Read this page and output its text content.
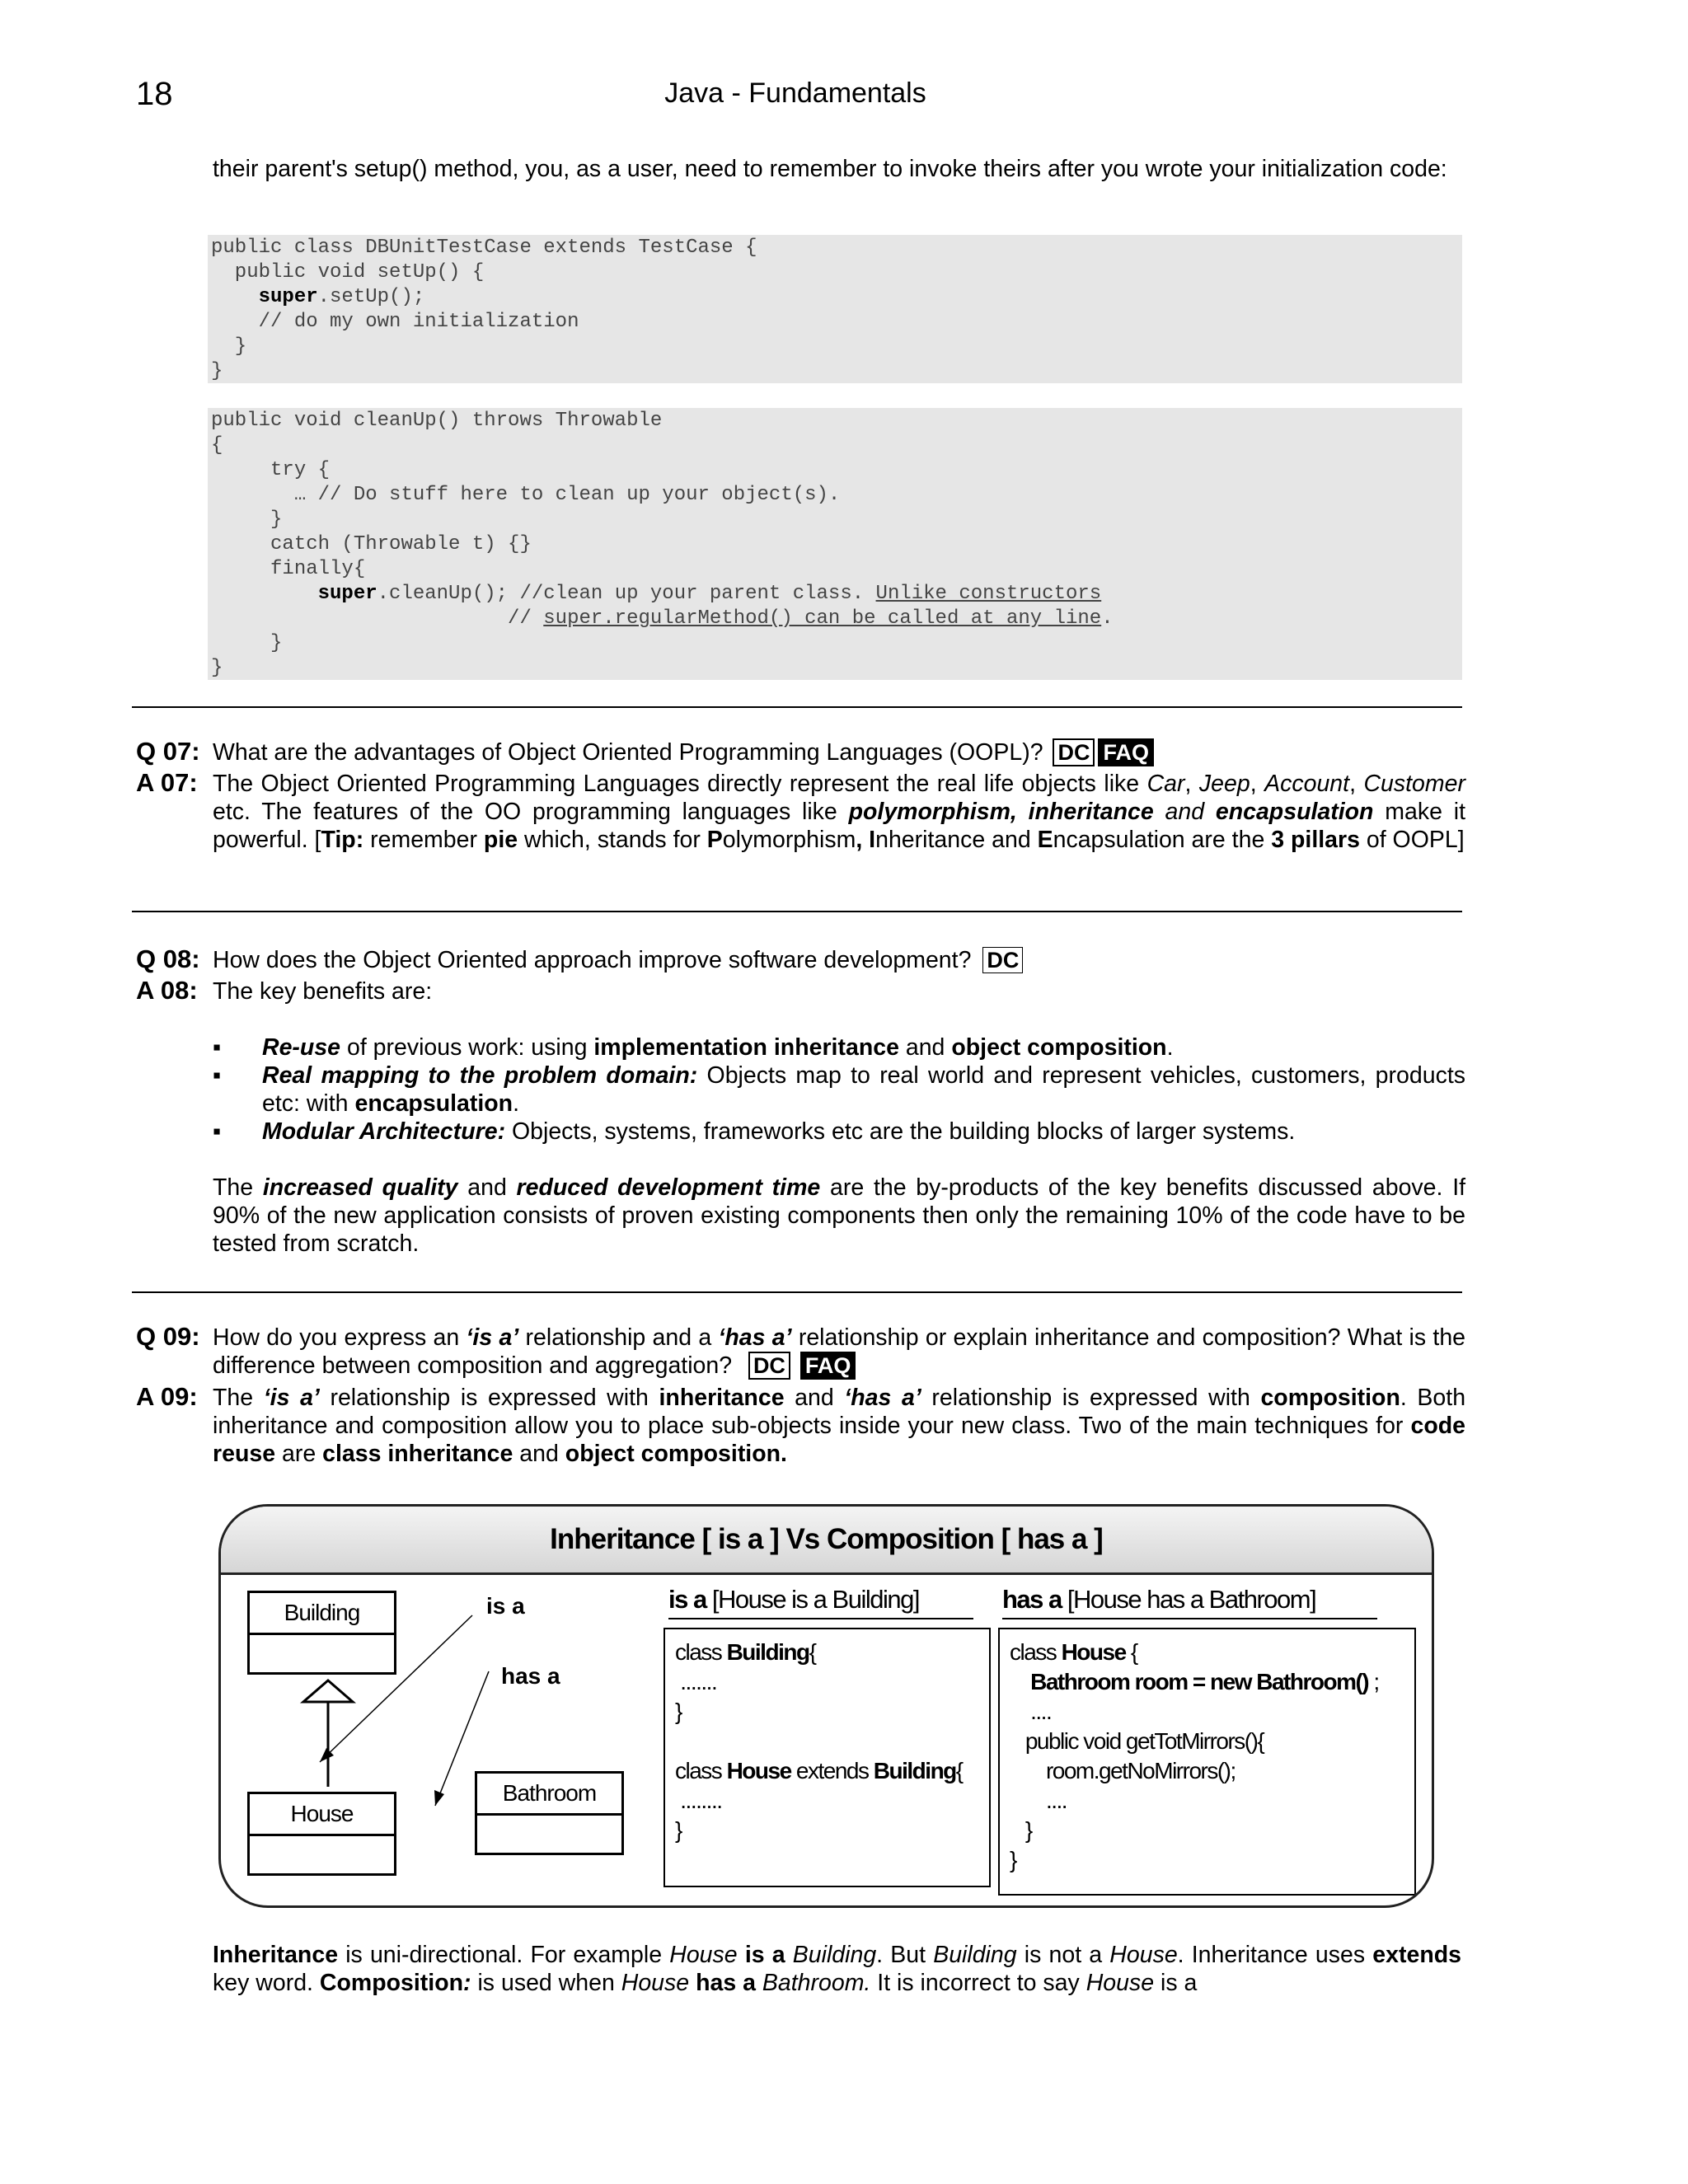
18	Java - Fundamentals

their parent's setup() method, you, as a user, need to remember to invoke theirs after you wrote your initialization code:

public class DBUnitTestCase extends TestCase {
public void setUp() {
super.setUp();
// do my own initialization
}
}
public void cleanUp() throws Throwable
{
try {
… // Do stuff here to clean up your object(s).
}
catch (Throwable t) {}
finally{
super.cleanUp(); //clean up your parent class. Unlike constructors
// super.regularMethod() can be called at any line.
}
}
Q 07: What are the advantages of Object Oriented Programming Languages (OOPL)? DC FAQ
A 07: The Object Oriented Programming Languages directly represent the real life objects like Car, Jeep, Account, Customer etc. The features of the OO programming languages like polymorphism, inheritance and encapsulation make it powerful. [Tip: remember pie which, stands for Polymorphism, Inheritance and Encapsulation are the 3 pillars of OOPL]
Q 08: How does the Object Oriented approach improve software development? DC
A 08: The key benefits are:
▪ Re-use of previous work: using implementation inheritance and object composition.
▪ Real mapping to the problem domain: Objects map to real world and represent vehicles, customers, products etc: with encapsulation.
▪ Modular Architecture: Objects, systems, frameworks etc are the building blocks of larger systems.
The increased quality and reduced development time are the by-products of the key benefits discussed above. If 90% of the new application consists of proven existing components then only the remaining 10% of the code have to be tested from scratch.
Q 09: How do you express an ‘is a’ relationship and a ‘has a’ relationship or explain inheritance and composition? What is the difference between composition and aggregation? DC FAQ
A 09: The ‘is a’ relationship is expressed with inheritance and ‘has a’ relationship is expressed with composition. Both inheritance and composition allow you to place sub-objects inside your new class. Two of the main techniques for code reuse are class inheritance and object composition.
Inheritance [ is a ] Vs Composition [ has a ]
Building
House
Bathroom
is a
has a
is a [House is a Building]	has a [House has a Bathroom]
class Building{
.......
}

class House extends Building{
........
}
class House {
Bathroom room = new Bathroom() ;
....
public void getTotMirrors(){
room.getNoMirrors();
....
}
}

Inheritance is uni-directional. For example House is a Building. But Building is not a House. Inheritance uses extends key word. Composition: is used when House has a Bathroom. It is incorrect to say House is a
